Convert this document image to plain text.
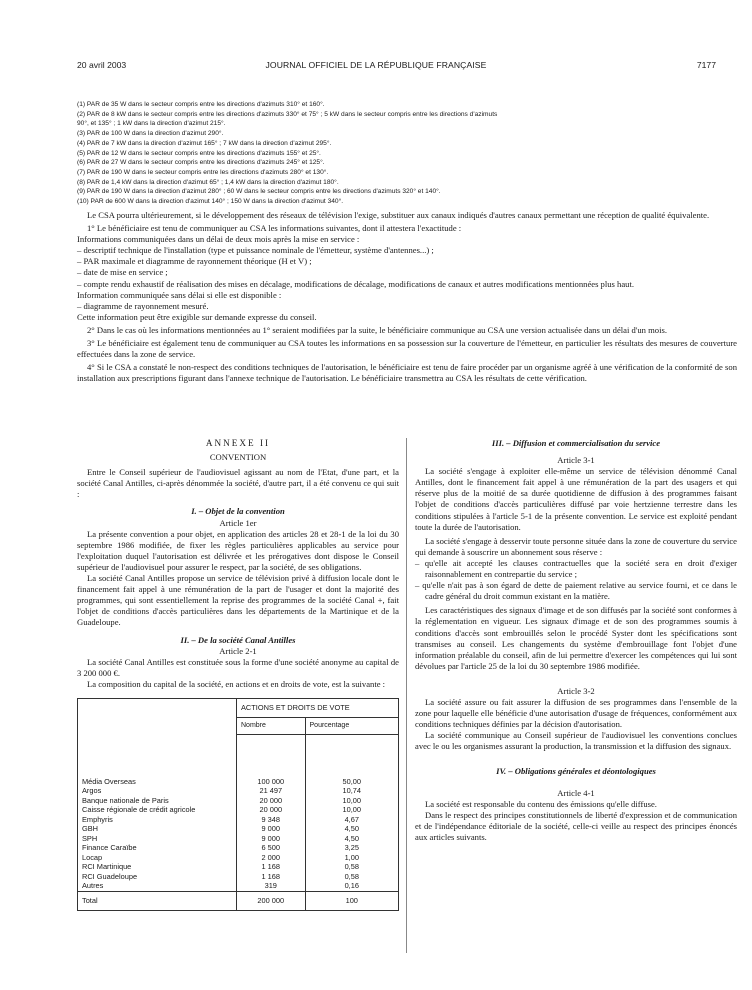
20 avril 2003	JOURNAL OFFICIEL DE LA RÉPUBLIQUE FRANÇAISE	7177
(1) PAR de 35 W dans le secteur compris entre les directions d'azimuts 310° et 160°.
(2) PAR de 8 kW dans le secteur compris entre les directions d'azimuts 330° et 75° ; 5 kW dans le secteur compris entre les directions d'azimuts
90°, et 135° ; 1 kW dans la direction d'azimut 215°.
(3) PAR de 100 W dans la direction d'azimut 290°.
(4) PAR de 7 kW dans la direction d'azimut 165° ; 7 kW dans la direction d'azimut 295°.
(5) PAR de 12 W dans le secteur compris entre les directions d'azimuts 155° et 25°.
(6) PAR de 27 W dans le secteur compris entre les directions d'azimuts 245° et 125°.
(7) PAR de 190 W dans le secteur compris entre les directions d'azimuts 280° et 130°.
(8) PAR de 1,4 kW dans la direction d'azimut 65° ; 1,4 kW dans la direction d'azimut 180°.
(9) PAR de 190 W dans la direction d'azimut 280° ; 60 W dans le secteur compris entre les directions d'azimuts 320° et 140°.
(10) PAR de 600 W dans la direction d'azimut 140° ; 150 W dans la direction d'azimut 340°.

Le CSA pourra ultérieurement, si le développement des réseaux de télévision l'exige, substituer aux canaux indiqués d'autres canaux permettant une réception de qualité équivalente.

1° Le bénéficiaire est tenu de communiquer au CSA les informations suivantes, dont il attestera l'exactitude :

Informations communiquées dans un délai de deux mois après la mise en service :

– descriptif technique de l'installation (type et puissance nominale de l'émetteur, système d'antennes...) ;

– PAR maximale et diagramme de rayonnement théorique (H et V) ;

– date de mise en service ;

– compte rendu exhaustif de réalisation des mises en décalage, modifications de décalage, modifications de canaux et autres modifications mentionnées plus haut.

Information communiquée sans délai si elle est disponible :

– diagramme de rayonnement mesuré.

Cette information peut être exigible sur demande expresse du conseil.

2° Dans le cas où les informations mentionnées au 1° seraient modifiées par la suite, le bénéficiaire communique au CSA une version actualisée dans un délai d'un mois.

3° Le bénéficiaire est également tenu de communiquer au CSA toutes les informations en sa possession sur la couverture de l'émetteur, en particulier les résultats des mesures de couverture effectuées dans la zone de service.

4° Si le CSA a constaté le non-respect des conditions techniques de l'autorisation, le bénéficiaire est tenu de faire procéder par un organisme agréé à une vérification de la conformité de son installation aux prescriptions figurant dans l'annexe technique de l'autorisation. Le bénéficiaire transmettra au CSA les résultats de cette vérification.

ANNEXE II

CONVENTION

Entre le Conseil supérieur de l'audiovisuel agissant au nom de l'Etat, d'une part, et la société Canal Antilles, ci-après dénommée la société, d'autre part, il a été convenu ce qui suit :

I. – Objet de la convention

Article 1er

La présente convention a pour objet, en application des articles 28 et 28-1 de la loi du 30 septembre 1986 modifiée, de fixer les règles particulières applicables au service pour l'exploitation duquel l'autorisation est délivrée et les prérogatives dont dispose le Conseil supérieur de l'audiovisuel pour assurer le respect, par la société, de ses obligations.

La société Canal Antilles propose un service de télévision privé à diffusion locale dont le financement fait appel à une rémunération de la part de l'usager et dont la majorité des programmes, qui sont essentiellement la reprise des programmes de la société Canal +, fait l'objet de conditions d'accès particulières dans les départements de la Martinique et de la Guadeloupe.

II. – De la société Canal Antilles

Article 2-1

La société Canal Antilles est constituée sous la forme d'une société anonyme au capital de 3 200 000 €.

La composition du capital de la société, en actions et en droits de vote, est la suivante :

	ACTIONS ET DROITS DE VOTE	
	Nombre	Pourcentage

Média Overseas	100 000	50,00
Argos	21 497	10,74
Banque nationale de Paris	20 000	10,00
Caisse régionale de crédit agricole	20 000	10,00
Emphyris	9 348	4,67
GBH	9 000	4,50
SPH	9 000	4,50
Finance Caraïbe	6 500	3,25
Locap	2 000	1,00
RCI Martinique	1 168	0,58
RCI Guadeloupe	1 168	0,58
Autres	319	0,16
Total	200 000	100

III. – Diffusion et commercialisation du service

Article 3-1

La société s'engage à exploiter elle-même un service de télévision dénommé Canal Antilles, dont le financement fait appel à une rémunération de la part des usagers et qui réserve plus de la moitié de sa durée quotidienne de diffusion à des programmes faisant l'objet de conditions d'accès particulières diffusé par voie hertzienne terrestre dans les conditions stipulées à l'article 5-1 de la présente convention. Le service est exploité pendant toute la durée de l'autorisation.

La société s'engage à desservir toute personne située dans la zone de couverture du service qui demande à souscrire un abonnement sous réserve :

– qu'elle ait accepté les clauses contractuelles que la société sera en droit d'exiger raisonnablement en contrepartie du service ;

– qu'elle n'ait pas à son égard de dette de paiement relative au service fourni, et ce dans le cadre général du droit commun existant en la matière.

Les caractéristiques des signaux d'image et de son diffusés par la société sont conformes à la réglementation en vigueur. Les signaux d'image et de son des programmes soumis à conditions d'accès sont embrouillés selon le procédé Syster dont les spécifications sont transmises au conseil. Les changements du système d'embrouillage font l'objet d'une information préalable du conseil, afin de lui permettre d'exercer les compétences qui lui sont dévolues par l'article 25 de la loi du 30 septembre 1986 modifiée.

Article 3-2

La société assure ou fait assurer la diffusion de ses programmes dans l'ensemble de la zone pour laquelle elle bénéficie d'une autorisation d'usage de fréquences, conformément aux conditions techniques définies par la décision d'autorisation.

La société communique au Conseil supérieur de l'audiovisuel les conventions conclues avec le ou les organismes assurant la production, la transmission et la diffusion des signaux.

IV. – Obligations générales et déontologiques

Article 4-1

La société est responsable du contenu des émissions qu'elle diffuse.

Dans le respect des principes constitutionnels de liberté d'expression et de communication et de l'indépendance éditoriale de la société, celle-ci veille au respect des principes énoncés aux articles suivants.
